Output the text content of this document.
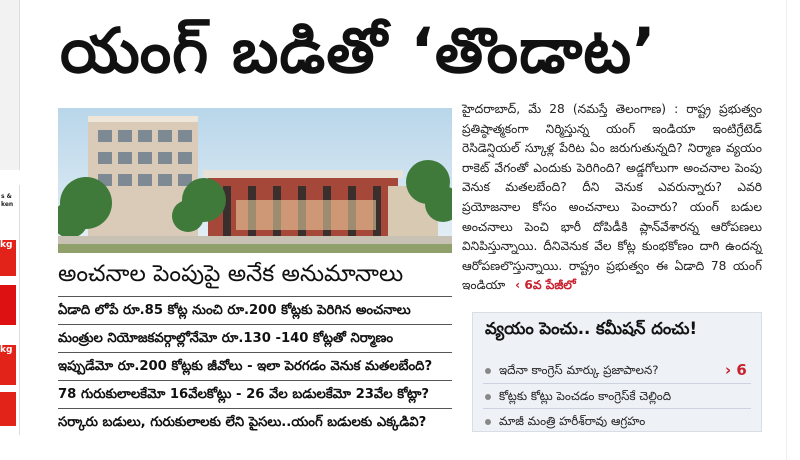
s &
ken
kg
kg
యంగ్ బడితో ‘తొండాట’
అంచనాల పెంపుపై అనేక అనుమానాలు
ఏడాది లోపే రూ.85 కోట్ల నుంచి రూ.200 కోట్లకు పెరిగిన అంచనాలు
మంత్రుల నియోజకవర్గాల్లోనేమో రూ.130 -140 కోట్లతో నిర్మాణం
ఇప్పుడేమో రూ.200 కోట్లకు జీవోలు - ఇలా పెరగడం వెనుక మతలబేంది?
78 గురుకులాలకేమో 16వేలకోట్లు - 26 వేల బడులకేమో 23వేల కోట్లా?
సర్కారు బడులు, గురుకులాలకు లేని పైసలు..యంగ్ బడులకు ఎక్కడివి?
హైదరాబాద్, మే 28 (నమస్తే తెలంగాణ) : రాష్ట్ర ప్రభుత్వం ప్రతిష్ఠాత్మకంగా నిర్మిస్తున్న యంగ్ ఇండియా ఇంటిగ్రేటెడ్ రెసిడెన్షియల్ స్కూళ్ల పేరిట ఏం జరుగుతున్నది? నిర్మాణ వ్యయం రాకెట్ వేగంతో ఎందుకు పెరిగింది? అడ్డగోలుగా అంచనాల పెంపు వెనుక మతలబేంది? దీని వెనుక ఎవరున్నారు? ఎవరి ప్రయోజనాల కోసం అంచనాలు పెంచారు? యంగ్ బడుల అంచనాలు పెంచి భారీ దోపిడీకి ప్లాన్‌వేశారన్న ఆరోపణలు వినిపిస్తున్నాయి. దీనివెనుక వేల కోట్ల కుంభకోణం దాగి ఉందన్న ఆరోపణలొస్తున్నాయి. రాష్ట్రం ప్రభుత్వం ఈ ఏడాది 78 యంగ్ ఇండియా ‹ 6వ పేజీలో
వ్యయం పెంచు.. కమీషన్ దంచు!
ఇదేనా కాంగ్రెస్ మార్కు ప్రజాపాలన?	› 6
కోట్లకు కోట్లు పెంచడం కాంగ్రెస్‌కే చెల్లింది
మాజీ మంత్రి హరీశ్‌రావు ఆగ్రహం
